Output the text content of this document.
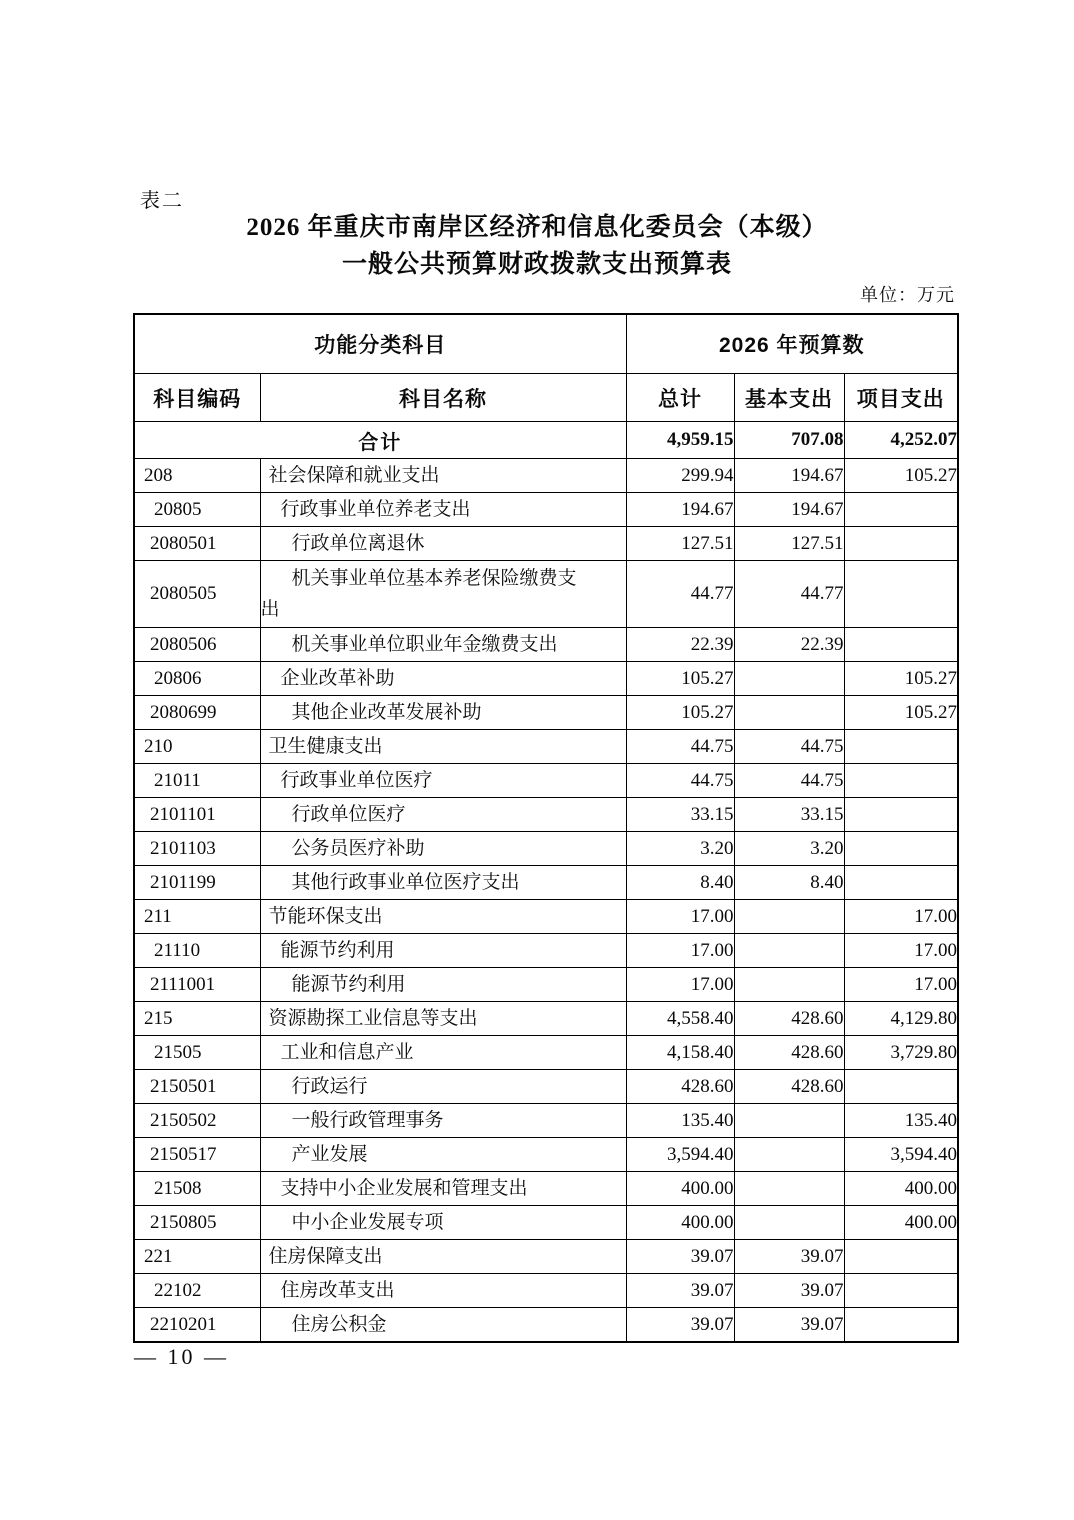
表二
2026 年重庆市南岸区经济和信息化委员会（本级）
一般公共预算财政拨款支出预算表
单位：万元
功能分类科目		2026 年预算数		
科目编码	科目名称	总计	基本支出	项目支出
合计		4,959.15	707.08	4,252.07
208	社会保障和就业支出	299.94	194.67	105.27
20805	行政事业单位养老支出	194.67	194.67	
2080501	行政单位离退休	127.51	127.51	
2080505	机关事业单位基本养老保险缴费支出	44.77	44.77	
2080506	机关事业单位职业年金缴费支出	22.39	22.39	
20806	企业改革补助	105.27		105.27
2080699	其他企业改革发展补助	105.27		105.27
210	卫生健康支出	44.75	44.75	
21011	行政事业单位医疗	44.75	44.75	
2101101	行政单位医疗	33.15	33.15	
2101103	公务员医疗补助	3.20	3.20	
2101199	其他行政事业单位医疗支出	8.40	8.40	
211	节能环保支出	17.00		17.00
21110	能源节约利用	17.00		17.00
2111001	能源节约利用	17.00		17.00
215	资源勘探工业信息等支出	4,558.40	428.60	4,129.80
21505	工业和信息产业	4,158.40	428.60	3,729.80
2150501	行政运行	428.60	428.60	
2150502	一般行政管理事务	135.40		135.40
2150517	产业发展	3,594.40		3,594.40
21508	支持中小企业发展和管理支出	400.00		400.00
2150805	中小企业发展专项	400.00		400.00
221	住房保障支出	39.07	39.07	
22102	住房改革支出	39.07	39.07	
2210201	住房公积金	39.07	39.07	
— 10 —
